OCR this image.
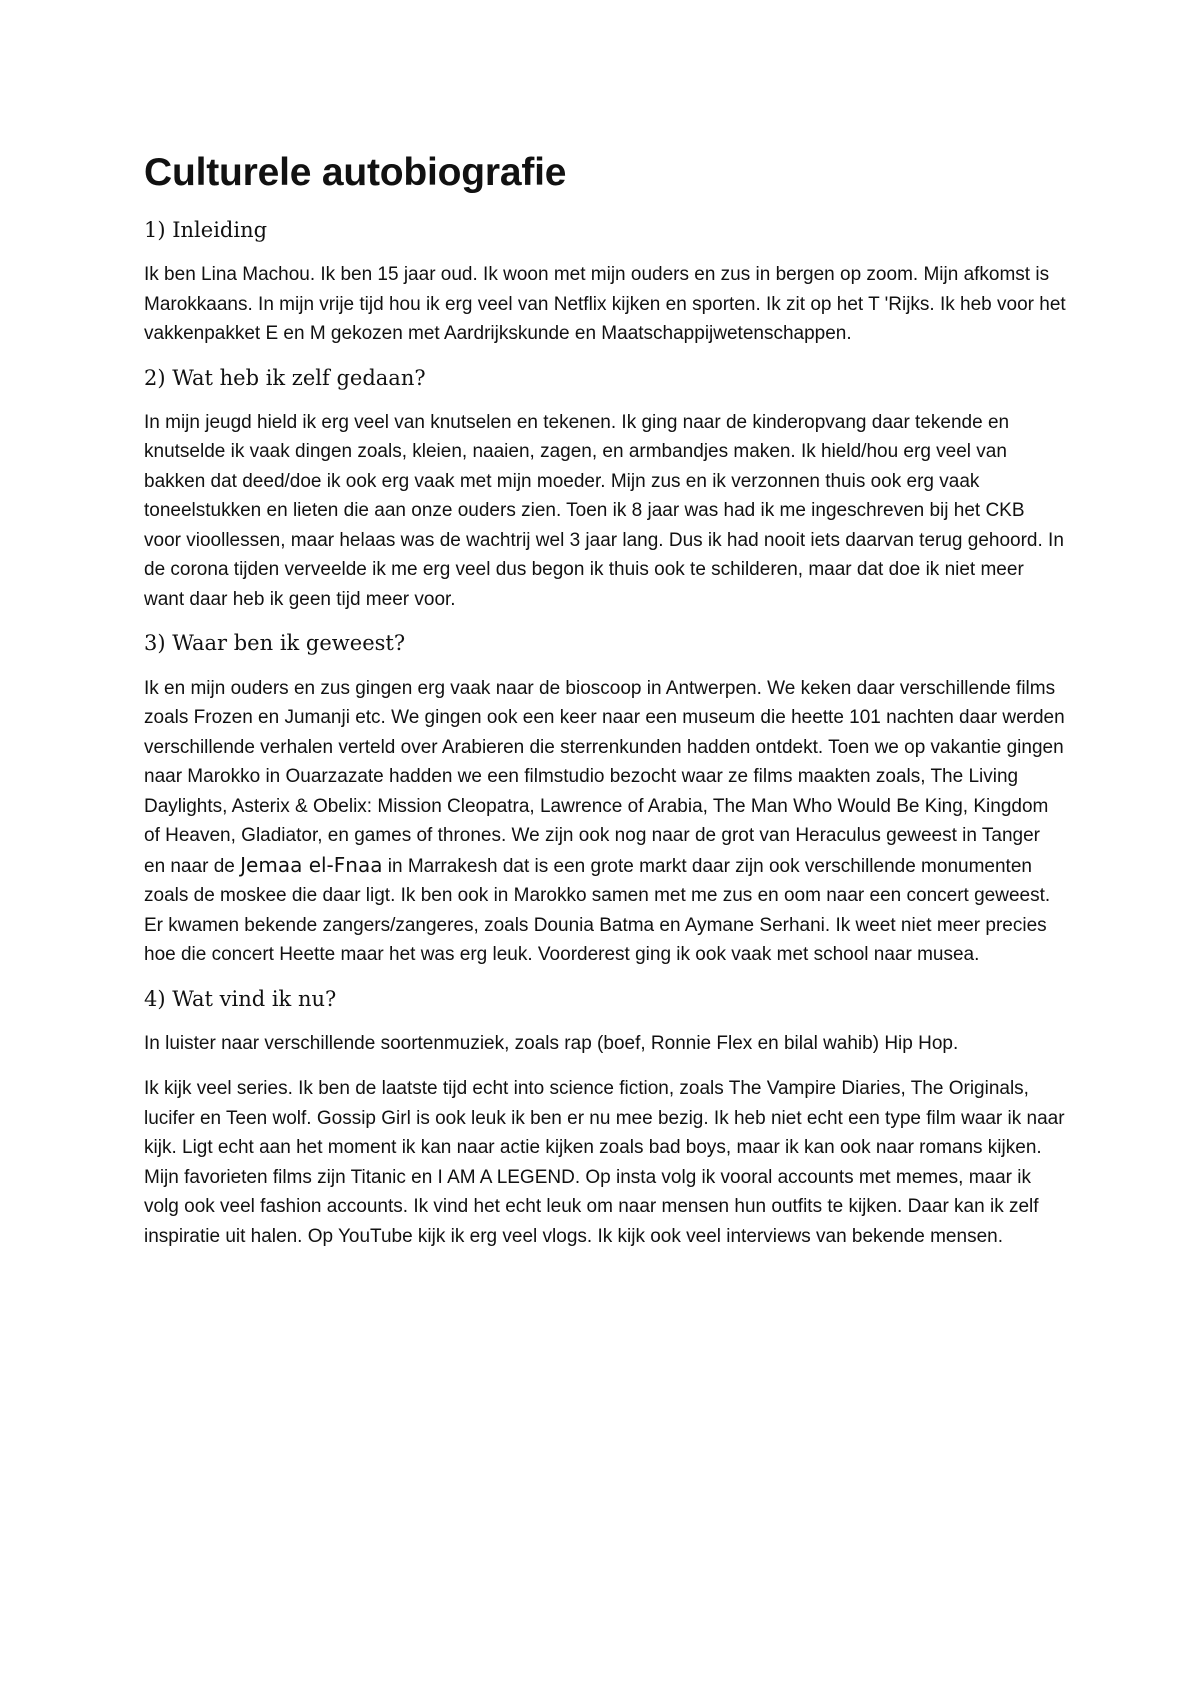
Culturele autobiografie
1) Inleiding

Ik ben Lina Machou. Ik ben 15 jaar oud. Ik woon met mijn ouders en zus in bergen op zoom. Mijn afkomst is Marokkaans. In mijn vrije tijd hou ik erg veel van Netflix kijken en sporten. Ik zit op het T 'Rijks. Ik heb voor het vakkenpakket E en M gekozen met Aardrijkskunde en Maatschappijwetenschappen.

2) Wat heb ik zelf gedaan?

In mijn jeugd hield ik erg veel van knutselen en tekenen. Ik ging naar de kinderopvang daar tekende en knutselde ik vaak dingen zoals, kleien, naaien, zagen, en armbandjes maken. Ik hield/hou erg veel van bakken dat deed/doe ik ook erg vaak met mijn moeder. Mijn zus en ik verzonnen thuis ook erg vaak toneelstukken en lieten die aan onze ouders zien. Toen ik 8 jaar was had ik me ingeschreven bij het CKB voor vioollessen, maar helaas was de wachtrij wel 3 jaar lang. Dus ik had nooit iets daarvan terug gehoord. In de corona tijden verveelde ik me erg veel dus begon ik thuis ook te schilderen, maar dat doe ik niet meer want daar heb ik geen tijd meer voor.

3) Waar ben ik geweest?

Ik en mijn ouders en zus gingen erg vaak naar de bioscoop in Antwerpen. We keken daar verschillende films zoals Frozen en Jumanji etc. We gingen ook een keer naar een museum die heette 101 nachten daar werden verschillende verhalen verteld over Arabieren die sterrenkunden hadden ontdekt. Toen we op vakantie gingen naar Marokko in Ouarzazate hadden we een filmstudio bezocht waar ze films maakten zoals, The Living Daylights, Asterix & Obelix: Mission Cleopatra, Lawrence of Arabia, The Man Who Would Be King, Kingdom of Heaven, Gladiator, en games of thrones. We zijn ook nog naar de grot van Heraculus geweest in Tanger en naar de Jemaa el-Fnaa in Marrakesh dat is een grote markt daar zijn ook verschillende monumenten zoals de moskee die daar ligt. Ik ben ook in Marokko samen met me zus en oom naar een concert geweest. Er kwamen bekende zangers/zangeres, zoals Dounia Batma en Aymane Serhani. Ik weet niet meer precies hoe die concert Heette maar het was erg leuk. Voorderest ging ik ook vaak met school naar musea.

4) Wat vind ik nu?

In luister naar verschillende soortenmuziek, zoals rap (boef, Ronnie Flex en bilal wahib) Hip Hop.

Ik kijk veel series. Ik ben de laatste tijd echt into science fiction, zoals The Vampire Diaries, The Originals, lucifer en Teen wolf. Gossip Girl is ook leuk ik ben er nu mee bezig. Ik heb niet echt een type film waar ik naar kijk. Ligt echt aan het moment ik kan naar actie kijken zoals bad boys, maar ik kan ook naar romans kijken. Mijn favorieten films zijn Titanic en I AM A LEGEND. Op insta volg ik vooral accounts met memes, maar ik volg ook veel fashion accounts. Ik vind het echt leuk om naar mensen hun outfits te kijken. Daar kan ik zelf inspiratie uit halen. Op YouTube kijk ik erg veel vlogs. Ik kijk ook veel interviews van bekende mensen.
